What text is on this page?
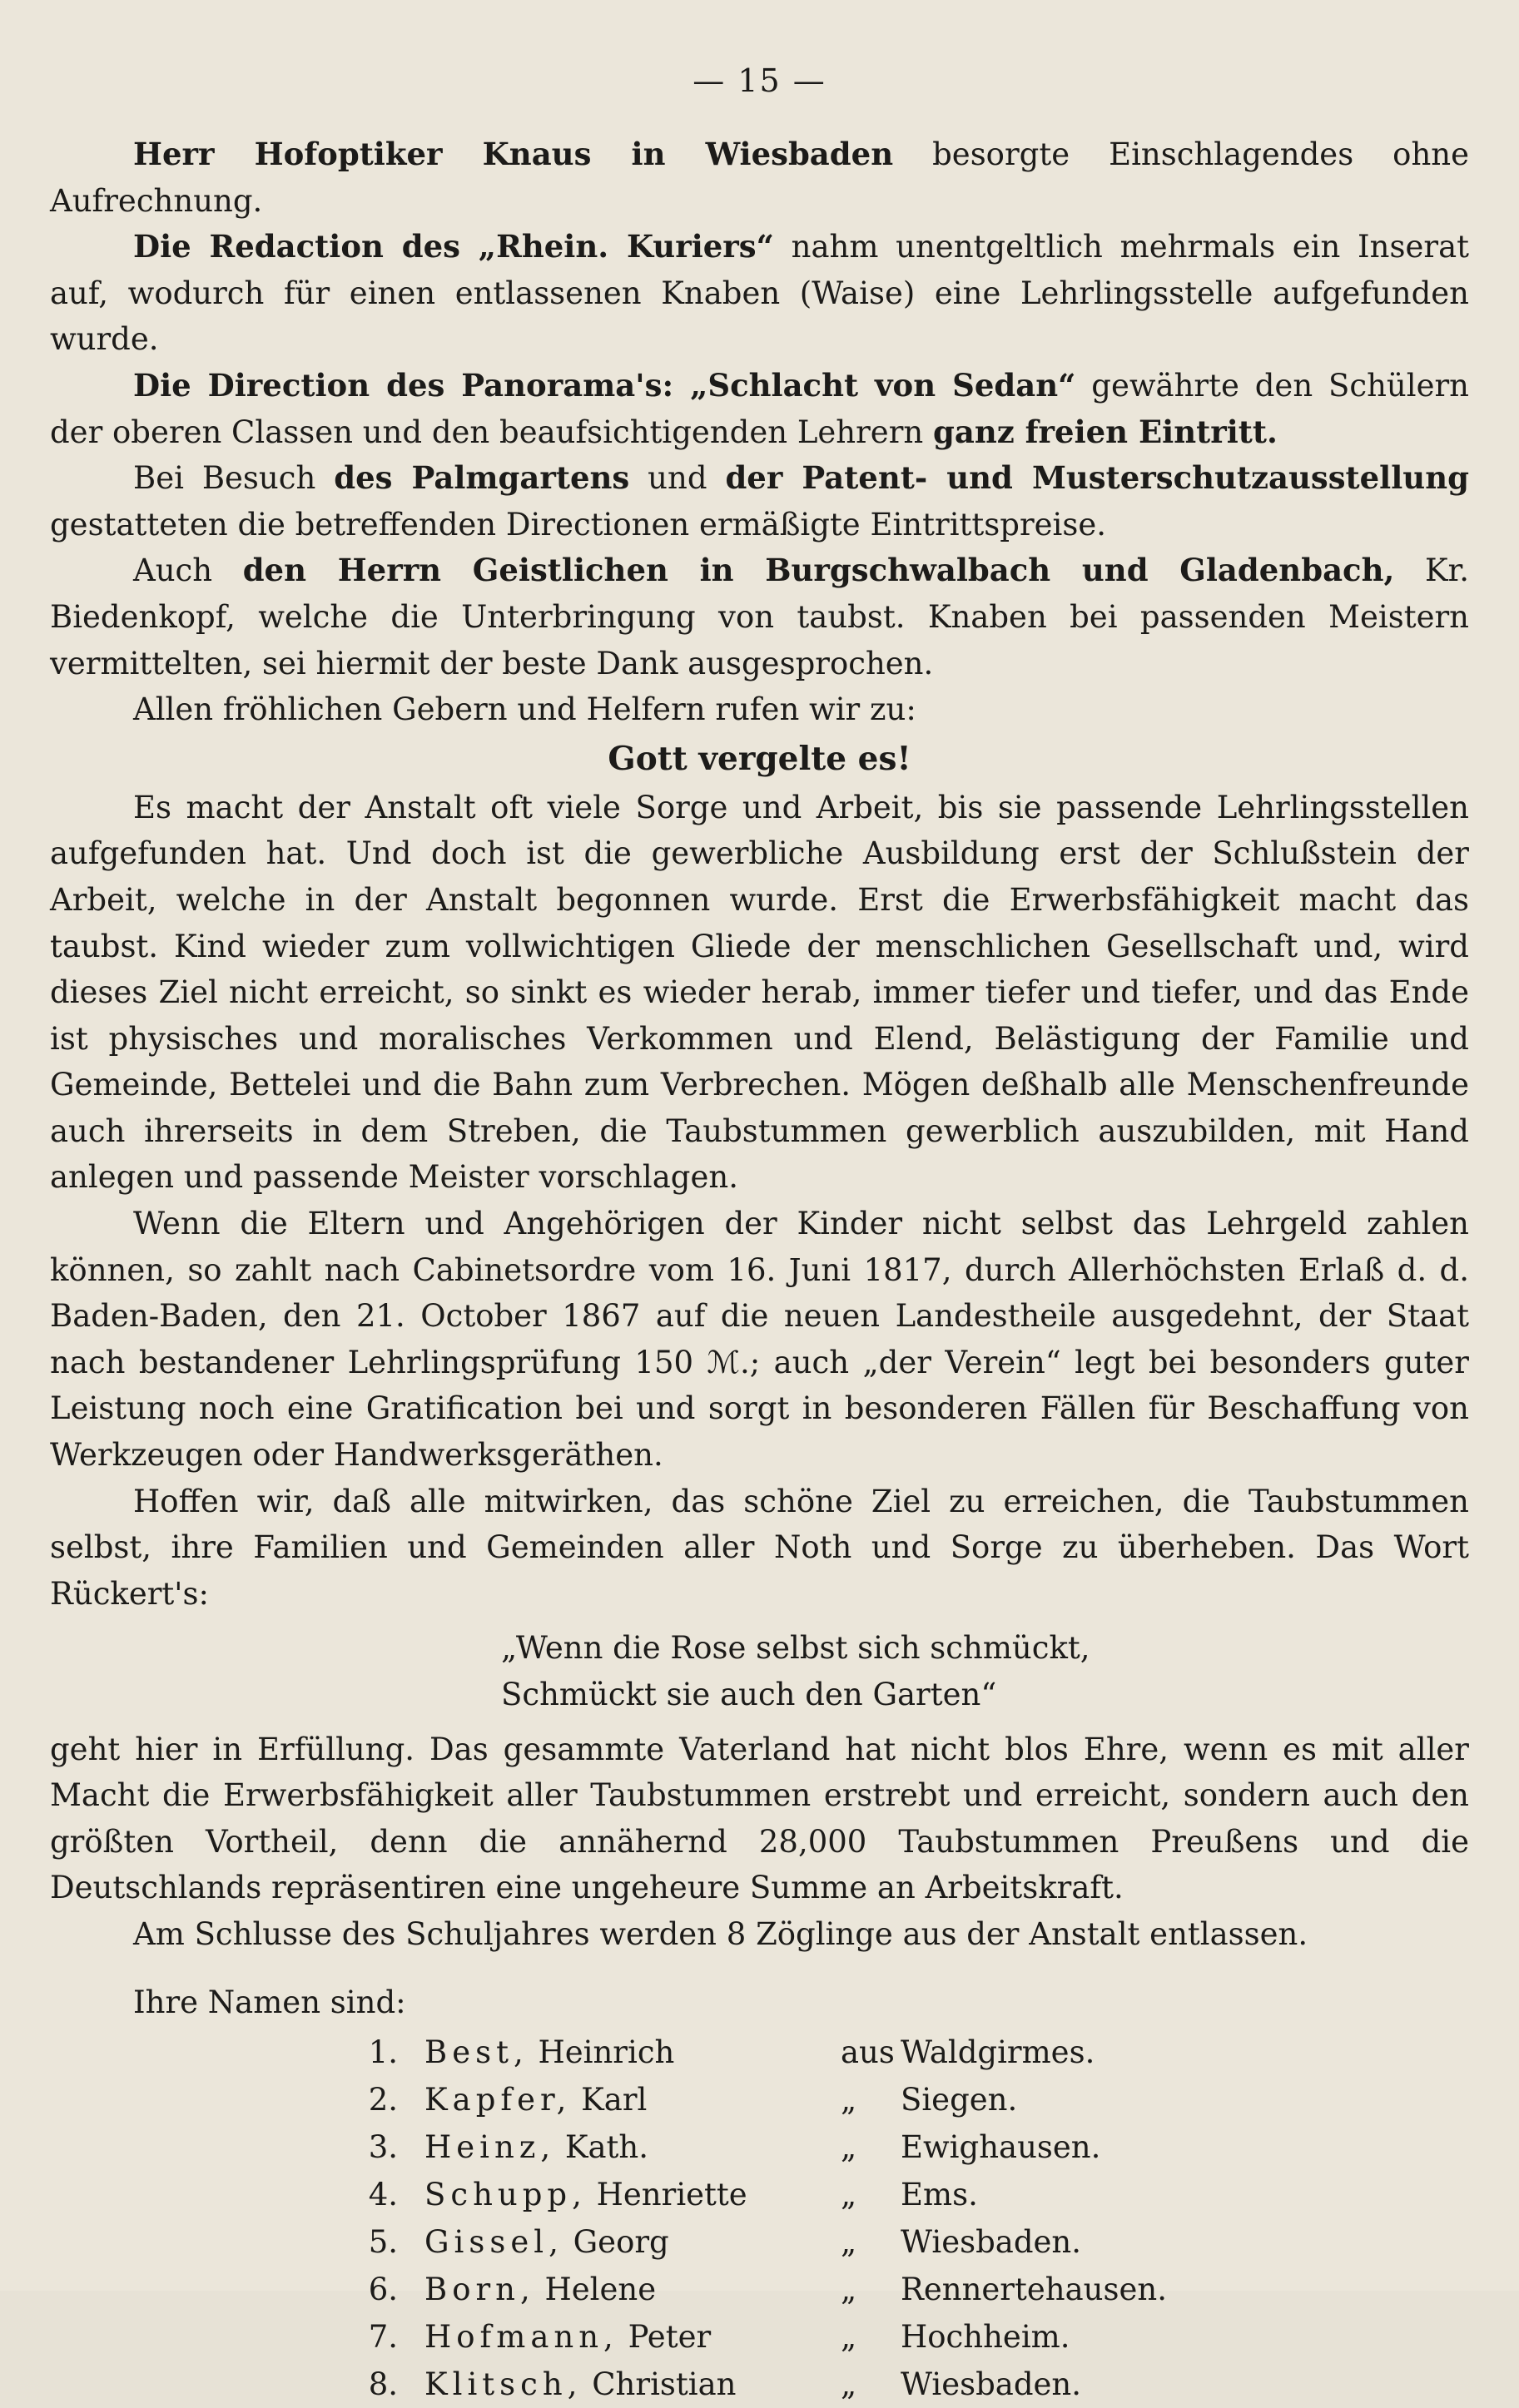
— 15 —

Herr Hofoptiker Knaus in Wiesbaden besorgte Einschlagendes ohne Aufrechnung.

Die Redaction des „Rhein. Kuriers“ nahm unentgeltlich mehrmals ein Inserat auf, wodurch für einen entlassenen Knaben (Waise) eine Lehrlingsstelle aufgefunden wurde.

Die Direction des Panorama's: „Schlacht von Sedan“ gewährte den Schülern der oberen Classen und den beaufsichtigenden Lehrern ganz freien Eintritt.

Bei Besuch des Palmgartens und der Patent- und Musterschutzausstellung gestatteten die betreffenden Directionen ermäßigte Eintrittspreise.

Auch den Herrn Geistlichen in Burgschwalbach und Gladenbach, Kr. Biedenkopf, welche die Unterbringung von taubst. Knaben bei passenden Meistern vermittelten, sei hiermit der beste Dank ausgesprochen.

Allen fröhlichen Gebern und Helfern rufen wir zu:

Gott vergelte es!

Es macht der Anstalt oft viele Sorge und Arbeit, bis sie passende Lehrlingsstellen aufgefunden hat. Und doch ist die gewerbliche Ausbildung erst der Schlußstein der Arbeit, welche in der Anstalt begonnen wurde. Erst die Erwerbsfähigkeit macht das taubst. Kind wieder zum vollwichtigen Gliede der menschlichen Gesellschaft und, wird dieses Ziel nicht erreicht, so sinkt es wieder herab, immer tiefer und tiefer, und das Ende ist physisches und moralisches Verkommen und Elend, Belästigung der Familie und Gemeinde, Bettelei und die Bahn zum Verbrechen. Mögen deßhalb alle Menschenfreunde auch ihrerseits in dem Streben, die Taubstummen gewerblich auszubilden, mit Hand anlegen und passende Meister vorschlagen.

Wenn die Eltern und Angehörigen der Kinder nicht selbst das Lehrgeld zahlen können, so zahlt nach Cabinetsordre vom 16. Juni 1817, durch Allerhöchsten Erlaß d. d. Baden-Baden, den 21. October 1867 auf die neuen Landestheile ausgedehnt, der Staat nach bestandener Lehrlingsprüfung 150 ℳ.; auch „der Verein“ legt bei besonders guter Leistung noch eine Gratification bei und sorgt in besonderen Fällen für Beschaffung von Werkzeugen oder Handwerksgeräthen.

Hoffen wir, daß alle mitwirken, das schöne Ziel zu erreichen, die Taubstummen selbst, ihre Familien und Gemeinden aller Noth und Sorge zu überheben. Das Wort Rückert's:

„Wenn die Rose selbst sich schmückt,
Schmückt sie auch den Garten“

geht hier in Erfüllung. Das gesammte Vaterland hat nicht blos Ehre, wenn es mit aller Macht die Erwerbsfähigkeit aller Taubstummen erstrebt und erreicht, sondern auch den größten Vortheil, denn die annähernd 28,000 Taubstummen Preußens und die Deutschlands repräsentiren eine ungeheure Summe an Arbeitskraft.

Am Schlusse des Schuljahres werden 8 Zöglinge aus der Anstalt entlassen.

Ihre Namen sind:

1. Best, Heinrich	aus Waldgirmes.
2. Kapfer, Karl	„	Siegen.
3. Heinz, Kath.	„	Ewighausen.
4. Schupp, Henriette	„	Ems.
5. Gissel, Georg	„	Wiesbaden.
6. Born, Helene	„	Rennertehausen.
7. Hofmann, Peter	„	Hochheim.
8. Klitsch, Christian	„	Wiesbaden.
